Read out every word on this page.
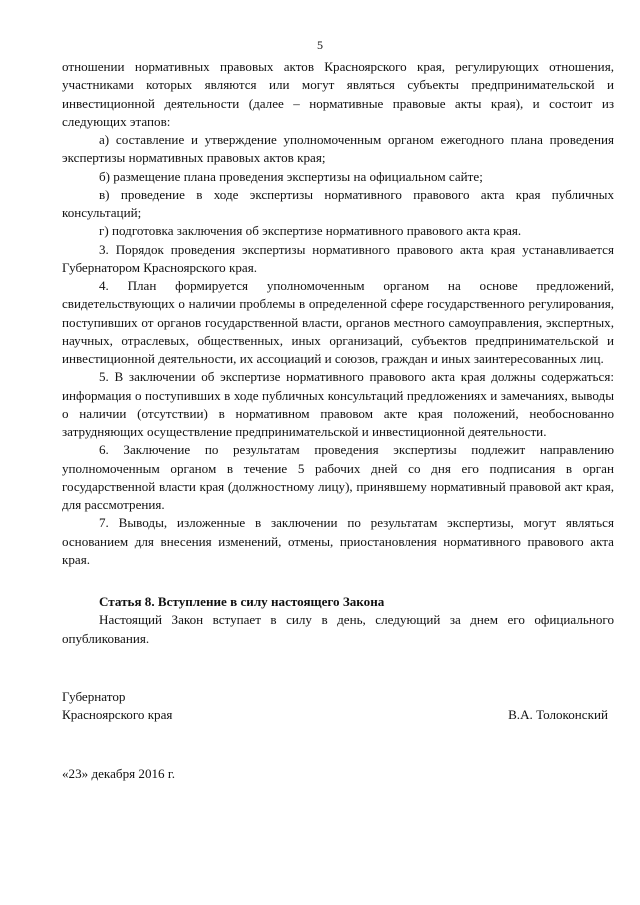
5

отношении нормативных правовых актов Красноярского края, регулирующих отношения, участниками которых являются или могут являться субъекты предпринимательской и инвестиционной деятельности (далее – нормативные правовые акты края), и состоит из следующих этапов:

а) составление и утверждение уполномоченным органом ежегодного плана проведения экспертизы нормативных правовых актов края;

б) размещение плана проведения экспертизы на официальном сайте;

в) проведение в ходе экспертизы нормативного правового акта края публичных консультаций;

г) подготовка заключения об экспертизе нормативного правового акта края.

3. Порядок проведения экспертизы нормативного правового акта края устанавливается Губернатором Красноярского края.

4. План формируется уполномоченным органом на основе предложений, свидетельствующих о наличии проблемы в определенной сфере государственного регулирования, поступивших от органов государственной власти, органов местного самоуправления, экспертных, научных, отраслевых, общественных, иных организаций, субъектов предпринимательской и инвестиционной деятельности, их ассоциаций и союзов, граждан и иных заинтересованных лиц.

5. В заключении об экспертизе нормативного правового акта края должны содержаться: информация о поступивших в ходе публичных консультаций предложениях и замечаниях, выводы о наличии (отсутствии) в нормативном правовом акте края положений, необоснованно затрудняющих осуществление предпринимательской и инвестиционной деятельности.

6. Заключение по результатам проведения экспертизы подлежит направлению уполномоченным органом в течение 5 рабочих дней со дня его подписания в орган государственной власти края (должностному лицу), принявшему нормативный правовой акт края, для рассмотрения.

7. Выводы, изложенные в заключении по результатам экспертизы, могут являться основанием для внесения изменений, отмены, приостановления нормативного правового акта края.

Статья 8. Вступление в силу настоящего Закона

Настоящий Закон вступает в силу в день, следующий за днем его официального опубликования.

Губернатор
Красноярского края	В.А. Толоконский
«23» декабря 2016 г.
